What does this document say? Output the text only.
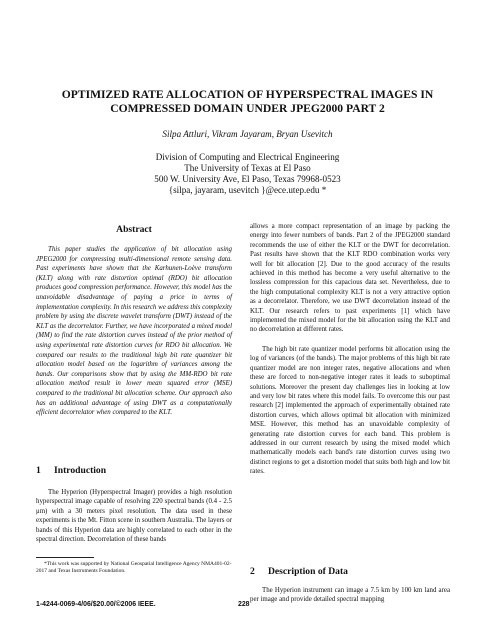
OPTIMIZED RATE ALLOCATION OF HYPERSPECTRAL IMAGES IN
COMPRESSED DOMAIN UNDER JPEG2000 PART 2
Silpa Attluri, Vikram Jayaram, Bryan Usevitch
Division of Computing and Electrical Engineering
The University of Texas at El Paso
500 W. University Ave, El Paso, Texas 79968-0523
{silpa, jayaram, usevitch }@ece.utep.edu *

Abstract

This paper studies the application of bit allocation using JPEG2000 for compressing multi-dimensional remote sensing data. Past experiments have shown that the Karhunen-Loève transform (KLT) along with rate distortion optimal (RDO) bit allocation produces good compression performance. However, this model has the unavoidable disadvantage of paying a price in terms of implementation complexity. In this research we address this complexity problem by using the discrete wavelet transform (DWT) instead of the KLT as the decorrelator. Further, we have incorporated a mixed model (MM) to find the rate distortion curves instead of the prior method of using experimental rate distortion curves for RDO bit allocation. We compared our results to the traditional high bit rate quantizer bit allocation model based on the logarithm of variances among the bands. Our comparisons show that by using the MM-RDO bit rate allocation method result in lower mean squared error (MSE) compared to the traditional bit allocation scheme. Our approach also has an additional advantage of using DWT as a computationally efficient decorrelator when compared to the KLT.

1 Introduction

The Hyperion (Hyperspectral Imager) provides a high resolution hyperspectral image capable of resolving 220 spectral bands (0.4 - 2.5 μm) with a 30 meters pixel resolution. The data used in these experiments is the Mt. Fitton scene in southern Australia. The layers or bands of this Hyperion data are highly correlated to each other in the spectral direction. Decorrelation of these bands

*This work was supported by National Geospatial Intelligence Agency NMA401-02-2017 and Texas Instruments Foundation.

allows a more compact representation of an image by packing the energy into fewer numbers of bands. Part 2 of the JPEG2000 standard recommends the use of either the KLT or the DWT for decorrelation. Past results have shown that the KLT RDO combination works very well for bit allocation [2]. Due to the good accuracy of the results achieved in this method has become a very useful alternative to the lossless compression for this capacious data set. Nevertheless, due to the high computational complexity KLT is not a very attractive option as a decorrelator. Therefore, we use DWT decorrelation instead of the KLT. Our research refers to past experiments [1] which have implemented the mixed model for the bit allocation using the KLT and no decorrelation at different rates.

The high bit rate quantizer model performs bit allocation using the log of variances (of the bands). The major problems of this high bit rate quantizer model are non integer rates, negative allocations and when these are forced to non-negative integer rates it leads to suboptimal solutions. Moreover the present day challenges lies in looking at low and very low bit rates where this model fails. To overcome this our past research [2] implemented the approach of experimentally obtained rate distortion curves, which allows optimal bit allocation with minimized MSE. However, this method has an unavoidable complexity of generating rate distortion curves for each band. This problem is addressed in our current research by using the mixed model which mathematically models each band's rate distortion curves using two distinct regions to get a distortion model that suits both high and low bit rates.

2 Description of Data

The Hyperion instrument can image a 7.5 km by 100 km land area per image and provide detailed spectral mapping

1-4244-0069-4/06/$20.00/©2006 IEEE.	228
